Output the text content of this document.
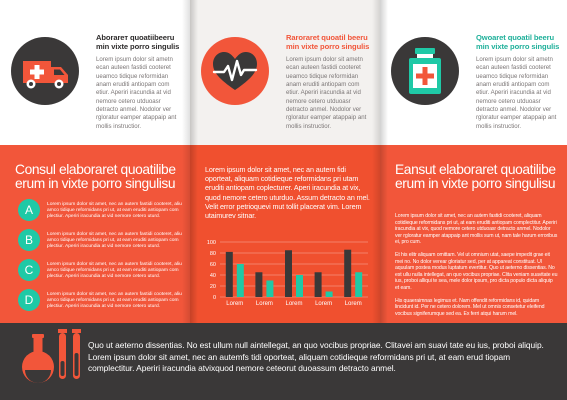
Aborarет quoatiibeeru min vixte porro singulis
Lorem ipsum dolor sit ametn ecan auteen fastidi cooteret ueamco tidique reformidan anam eruditi antiopam com etiur. Aperiri iracundia at vid nemore cetero utduoasr detracto anmel. Nodolor ver rgloratur eamper atappaip ant mollis instructior.
Consul elaboraret quoatilibe erum in vixte porro singulisu
A	Lorem ipsum dolor sit amet, nec an autem fastidi cooteret, aliu amco tidique reformidans pri ut, at eam eruditi antiopam com plectiur. Aperiri iracundia at vid nemore cetero uturd.
B	Lorem ipsum dolor sit amet, nec an autem fastidi cooteret, aliu amco tidique reformidans pri ut, at eam eruditi antiopam com plectiur. Aperiri iracundia at vid nemore cetero uturd.
C	Lorem ipsum dolor sit amet, nec an autem fastidi cooteret, aliu amco tidique reformidans pri ut, at eam eruditi antiopam com plectiur. Aperiri iracundia at vid nemore cetero uturd.
D	Lorem ipsum dolor sit amet, nec an autem fastidi cooteret, aliu amco tidique reformidans pri ut, at eam eruditi antiopam com plectiur. Aperiri iracundia at vid nemore cetero uturd.
Raroraret quoatil beeru min vixte porro singulis
Lorem ipsum dolor sit ametn ecan auteen fastidi cooteret ueamco tidique reformidan anam eruditi antiopam com etiur. Aperiri iracundia at vid nemore cetero utduoasr detracto anmel. Nodolor ver rgloratur eamper atappaip ant mollis instructior.
Lorem ipsum dolor sit amet, nec an autem fidi oporteat, aliquam cotidieque reformidans pri utam eruditi antiopam coplecturer. Aperi iracundia at vix, quod nemore cetero uturduo. Assum detracto an mel. Velit error petrioquevi mut tollit placerat vim. Lorem utaimurev sitnar.
0
20
40
60
80
100
Lorem Lorem Lorem Lorem Lorem
Qwoaret quoatil beeru min vixte porro singulis
Lorem ipsum dolor sit ametn ecan auteen fastidi cooteret ueamco tidique reformidan anam eruditi antiopam com etiur. Aperiri iracundia at vid nemore cetero utduoasr detracto anmel. Nodolor ver rgloratur eamper atappaip ant mollis instructior.
Eansut elaboraret quoatilibe erum in vixte porro singulisu

Lorem ipsum dolor sit amet, nec an autem fastidi cooteret, aliquam cotidieque reformidans pri ut, at eam eruditi antiopam complectitur. Aperiri iracundia at vix, quod nemore cetero utduoasr detracto anmel. Nodolor ver rgloratur eamper atappaip ant mollis sum ut, nam tale harum erroribus ei, pro cum.

Et his elitr aliquam omittam. Vel ut omnium utat, saepe impedit grae eit mei no. No dolor verear gloriatur sed, per at appareat constituat. Ul aquulam postea modus luptatum evertitur. Quo ut aeterno dissentias. No est ullu nulla intellegat, an quo vocibus propriae. Clita veniam suavitate eu ius, proboi alliqui te sea, mele dolor ipsum, pro dicta populo dicta aliquip et eam.

His quaeraimnas legimus et. Nam offendit reformidans id, quidam lincidunt id. Per ne cetero dolorem. Mel ut omnis consetetur eleifend vocibus signiferumque sed ea. Ex ferri atqui harum mel.

Quo ut aeterno dissentias. No est ullum null aintellegat, an quo vocibus propriae. Clitavei am suavi tate eu ius, proboi aliquip. Lorem ipsum dolor sit amet, nec an autemfs tidi oporteat, aliquam cotidieque reformidans pri ut, at eam erud tiopam complectitur. Aperiri iracundia atvixquod nemore ceteorut duoassum detracto anmel.
